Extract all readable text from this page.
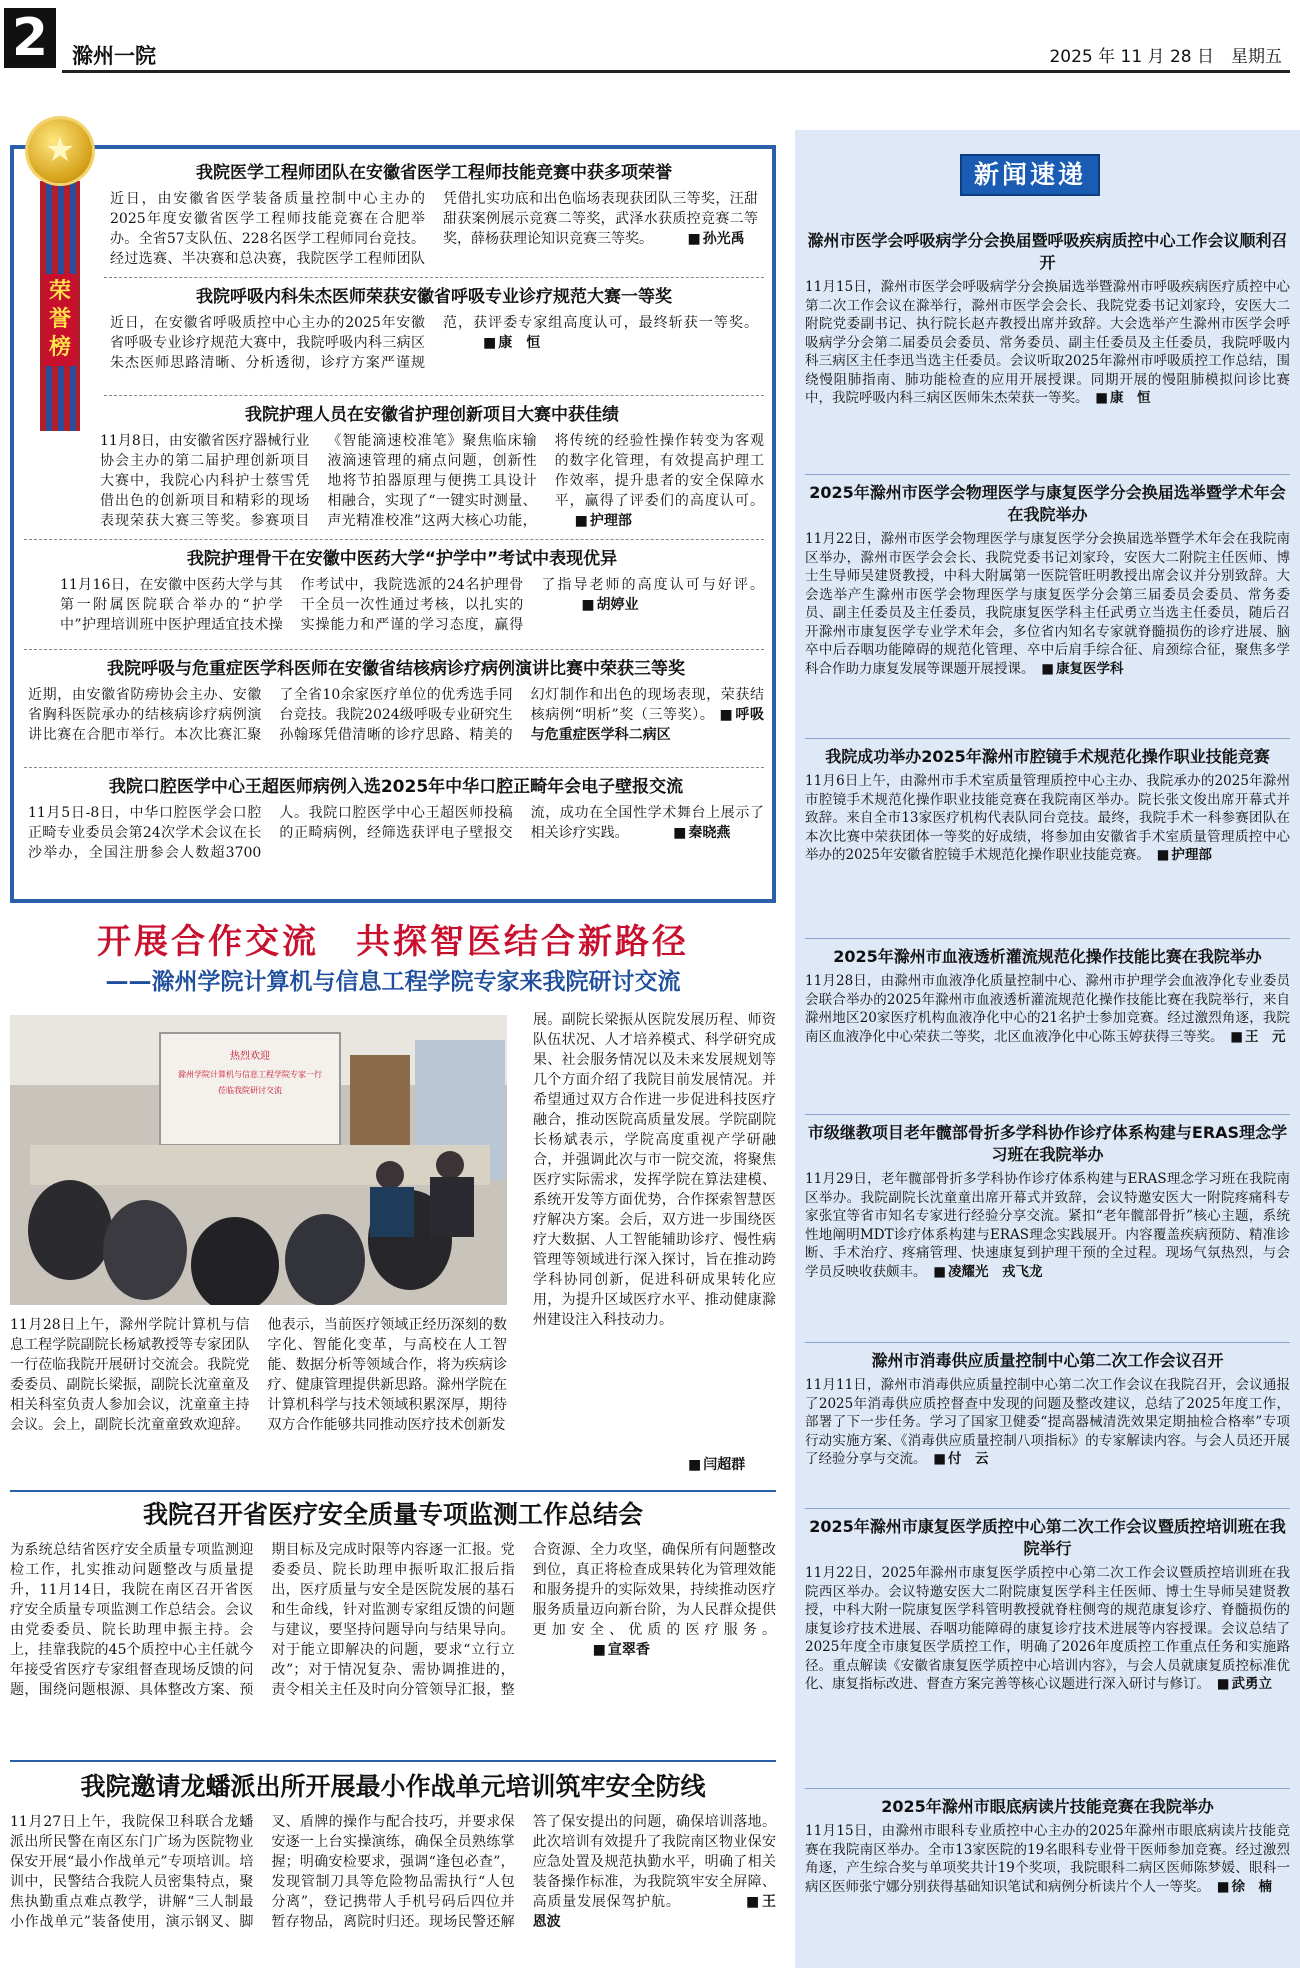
2	滁州一院	2025 年 11 月 28 日　 星期五
★
荣誉榜

我院医学工程师团队在安徽省医学工程师技能竞赛中获多项荣誉

近日，由安徽省医学装备质量控制中心主办的2025年度安徽省医学工程师技能竞赛在合肥举办。全省57支队伍、228名医学工程师同台竞技。经过选赛、半决赛和总决赛，我院医学工程师团队凭借扎实功底和出色临场表现获团队三等奖，汪甜甜获案例展示竞赛二等奖，武泽水获质控竞赛二等奖，薛杨获理论知识竞赛三等奖。	■ 孙光禹

我院呼吸内科朱杰医师荣获安徽省呼吸专业诊疗规范大赛一等奖

近日，在安徽省呼吸质控中心主办的2025年安徽省呼吸专业诊疗规范大赛中，我院呼吸内科三病区朱杰医师思路清晰、分析透彻，诊疗方案严谨规范，获评委专家组高度认可，最终斩获一等奖。 ■ 康　恒

我院护理人员在安徽省护理创新项目大赛中获佳绩

11月8日，由安徽省医疗器械行业协会主办的第二届护理创新项目大赛中，我院心内科护士蔡雪凭借出色的创新项目和精彩的现场表现荣获大赛三等奖。参赛项目《智能滴速校准笔》聚焦临床输液滴速管理的痛点问题，创新性地将节拍器原理与便携工具设计相融合，实现了“一键实时测量、声光精准校准”这两大核心功能，将传统的经验性操作转变为客观的数字化管理，有效提高护理工作效率，提升患者的安全保障水平，赢得了评委们的高度认可。 ■ 护理部

我院护理骨干在安徽中医药大学“护学中”考试中表现优异

11月16日，在安徽中医药大学与其第一附属医院联合举办的“护学中”护理培训班中医护理适宜技术操作考试中，我院选派的24名护理骨干全员一次性通过考核，以扎实的实操能力和严谨的学习态度，赢得了指导老师的高度认可与好评。 ■ 胡婷业

我院呼吸与危重症医学科医师在安徽省结核病诊疗病例演讲比赛中荣获三等奖

近期，由安徽省防痨协会主办、安徽省胸科医院承办的结核病诊疗病例演讲比赛在合肥市举行。本次比赛汇聚了全省10余家医疗单位的优秀选手同台竞技。我院2024级呼吸专业研究生孙翰琢凭借清晰的诊疗思路、精美的幻灯制作和出色的现场表现，荣获结核病例“明析”奖（三等奖）。 ■ 呼吸与危重症医学科二病区

我院口腔医学中心王超医师病例入选2025年中华口腔正畸年会电子壁报交流

11月5日-8日，中华口腔医学会口腔正畸专业委员会第24次学术会议在长沙举办，全国注册参会人数超3700人。我院口腔医学中心王超医师投稿的正畸病例，经筛选获评电子壁报交流，成功在全国性学术舞台上展示了相关诊疗实践。	■ 秦晓燕

开展合作交流　共探智医结合新路径

——滁州学院计算机与信息工程学院专家来我院研讨交流

热烈欢迎
滁州学院计算机与信息工程学院专家一行
莅临我院研讨交流
展。副院长梁振从医院发展历程、师资队伍状况、人才培养模式、科学研究成果、社会服务情况以及未来发展规划等几个方面介绍了我院目前发展情况。并希望通过双方合作进一步促进科技医疗融合，推动医院高质量发展。学院副院长杨斌表示，学院高度重视产学研融合，并强调此次与市一院交流，将聚焦医疗实际需求，发挥学院在算法建模、系统开发等方面优势，合作探索智慧医疗解决方案。会后，双方进一步围绕医疗大数据、人工智能辅助诊疗、慢性病管理等领域进行深入探讨，旨在推动跨学科协同创新，促进科研成果转化应用，为提升区域医疗水平、推动健康滁州建设注入科技动力。
11月28日上午，滁州学院计算机与信息工程学院副院长杨斌教授等专家团队一行莅临我院开展研讨交流会。我院党委委员、副院长梁振，副院长沈童童及相关科室负责人参加会议，沈童童主持会议。会上，副院长沈童童致欢迎辞。他表示，当前医疗领域正经历深刻的数字化、智能化变革，与高校在人工智能、数据分析等领域合作，将为疾病诊疗、健康管理提供新思路。滁州学院在计算机科学与技术领域积累深厚，期待双方合作能够共同推动医疗技术创新发
■ 闫超群

我院召开省医疗安全质量专项监测工作总结会

为系统总结省医疗安全质量专项监测迎检工作，扎实推动问题整改与质量提升，11月14日，我院在南区召开省医疗安全质量专项监测工作总结会。会议由党委委员、院长助理申振主持。会上，挂靠我院的45个质控中心主任就今年接受省医疗专家组督查现场反馈的问题，围绕问题根源、具体整改方案、预期目标及完成时限等内容逐一汇报。党委委员、院长助理申振听取汇报后指出，医疗质量与安全是医院发展的基石和生命线，针对监测专家组反馈的问题与建议，要坚持问题导向与结果导向。对于能立即解决的问题，要求“立行立改”；对于情况复杂、需协调推进的，责令相关主任及时向分管领导汇报，整合资源、全力攻坚，确保所有问题整改到位，真正将检查成果转化为管理效能和服务提升的实际效果，持续推动医疗服务质量迈向新台阶，为人民群众提供更加安全、优质的医疗服务。 ■ 宣翠香

我院邀请龙蟠派出所开展最小作战单元培训筑牢安全防线

11月27日上午，我院保卫科联合龙蟠派出所民警在南区东门广场为医院物业保安开展“最小作战单元”专项培训。培训中，民警结合我院人员密集特点，聚焦执勤重点难点教学，讲解“三人制最小作战单元”装备使用，演示钢叉、脚叉、盾牌的操作与配合技巧，并要求保安逐一上台实操演练，确保全员熟练掌握；明确安检要求，强调“逢包必查”，发现管制刀具等危险物品需执行“人包分离”，登记携带人手机号码后四位并暂存物品，离院时归还。现场民警还解答了保安提出的问题，确保培训落地。此次培训有效提升了我院南区物业保安应急处置及规范执勤水平，明确了相关装备操作标准，为我院筑牢安全屏障、高质量发展保驾护航。	■ 王恩波
新闻速递

滁州市医学会呼吸病学分会换届暨呼吸疾病质控中心工作会议顺利召开

11月15日，滁州市医学会呼吸病学分会换届选举暨滁州市呼吸疾病医疗质控中心第二次工作会议在滁举行，滁州市医学会会长、我院党委书记刘家玲，安医大二附院党委副书记、执行院长赵卉教授出席并致辞。大会选举产生滁州市医学会呼吸病学分会第二届委员会委员、常务委员、副主任委员及主任委员，我院呼吸内科三病区主任李迅当选主任委员。会议听取2025年滁州市呼吸质控工作总结，围绕慢阻肺指南、肺功能检查的应用开展授课。同期开展的慢阻肺模拟问诊比赛中，我院呼吸内科三病区医师朱杰荣获一等奖。　 ■ 康　恒

2025年滁州市医学会物理医学与康复医学分会换届选举暨学术年会在我院举办

11月22日，滁州市医学会物理医学与康复医学分会换届选举暨学术年会在我院南区举办，滁州市医学会会长、我院党委书记刘家玲，安医大二附院主任医师、博士生导师吴建贤教授，中科大附属第一医院管旺明教授出席会议并分别致辞。大会选举产生滁州市医学会物理医学与康复医学分会第三届委员会委员、常务委员、副主任委员及主任委员，我院康复医学科主任武勇立当选主任委员，随后召开滁州市康复医学专业学术年会，多位省内知名专家就脊髓损伤的诊疗进展、脑卒中后吞咽功能障碍的规范化管理、卒中后肩手综合征、肩颈综合征，聚焦多学科合作助力康复发展等课题开展授课。　 ■ 康复医学科

我院成功举办2025年滁州市腔镜手术规范化操作职业技能竞赛

11月6日上午，由滁州市手术室质量管理质控中心主办、我院承办的2025年滁州市腔镜手术规范化操作职业技能竞赛在我院南区举办。院长张文俊出席开幕式并致辞。来自全市13家医疗机构代表队同台竞技。最终，我院手术一科参赛团队在本次比赛中荣获团体一等奖的好成绩，将参加由安徽省手术室质量管理质控中心举办的2025年安徽省腔镜手术规范化操作职业技能竞赛。　 ■ 护理部

2025年滁州市血液透析灌流规范化操作技能比赛在我院举办

11月28日，由滁州市血液净化质量控制中心、滁州市护理学会血液净化专业委员会联合举办的2025年滁州市血液透析灌流规范化操作技能比赛在我院举行，来自滁州地区20家医疗机构血液净化中心的21名护士参加竞赛。经过激烈角逐，我院南区血液净化中心荣获二等奖，北区血液净化中心陈玉婷获得三等奖。　 ■ 王　元

市级继教项目老年髋部骨折多学科协作诊疗体系构建与ERAS理念学习班在我院举办

11月29日，老年髋部骨折多学科协作诊疗体系构建与ERAS理念学习班在我院南区举办。我院副院长沈童童出席开幕式并致辞，会议特邀安医大一附院疼痛科专家张宜等省市知名专家进行经验分享交流。紧扣“老年髋部骨折”核心主题，系统性地阐明MDT诊疗体系构建与ERAS理念实践展开。内容覆盖疾病预防、精准诊断、手术治疗、疼痛管理、快速康复到护理干预的全过程。现场气氛热烈，与会学员反映收获颇丰。　 ■ 凌耀光　戎飞龙

滁州市消毒供应质量控制中心第二次工作会议召开

11月11日，滁州市消毒供应质量控制中心第二次工作会议在我院召开，会议通报了2025年消毒供应质控督查中发现的问题及整改建议，总结了2025年度工作，部署了下一步任务。学习了国家卫健委“提高器械清洗效果定期抽检合格率”专项行动实施方案、《消毒供应质量控制八项指标》的专家解读内容。与会人员还开展了经验分享与交流。　 ■ 付　云

2025年滁州市康复医学质控中心第二次工作会议暨质控培训班在我院举行

11月22日，2025年滁州市康复医学质控中心第二次工作会议暨质控培训班在我院西区举办。会议特邀安医大二附院康复医学科主任医师、博士生导师吴建贤教授，中科大附一院康复医学科管明教授就脊柱侧弯的规范康复诊疗、脊髓损伤的康复诊疗技术进展、吞咽功能障碍的康复诊疗技术进展等内容授课。会议总结了2025年度全市康复医学质控工作，明确了2026年度质控工作重点任务和实施路径。重点解读《安徽省康复医学质控中心培训内容》，与会人员就康复质控标准优化、康复指标改进、督查方案完善等核心议题进行深入研讨与修订。　 ■ 武勇立

2025年滁州市眼底病读片技能竞赛在我院举办

11月15日，由滁州市眼科专业质控中心主办的2025年滁州市眼底病读片技能竞赛在我院南区举办。全市13家医院的19名眼科专业骨干医师参加竞赛。经过激烈角逐，产生综合奖与单项奖共计19个奖项，我院眼科二病区医师陈梦媛、眼科一病区医师张宁娜分别获得基础知识笔试和病例分析读片个人一等奖。　 ■ 徐　楠
